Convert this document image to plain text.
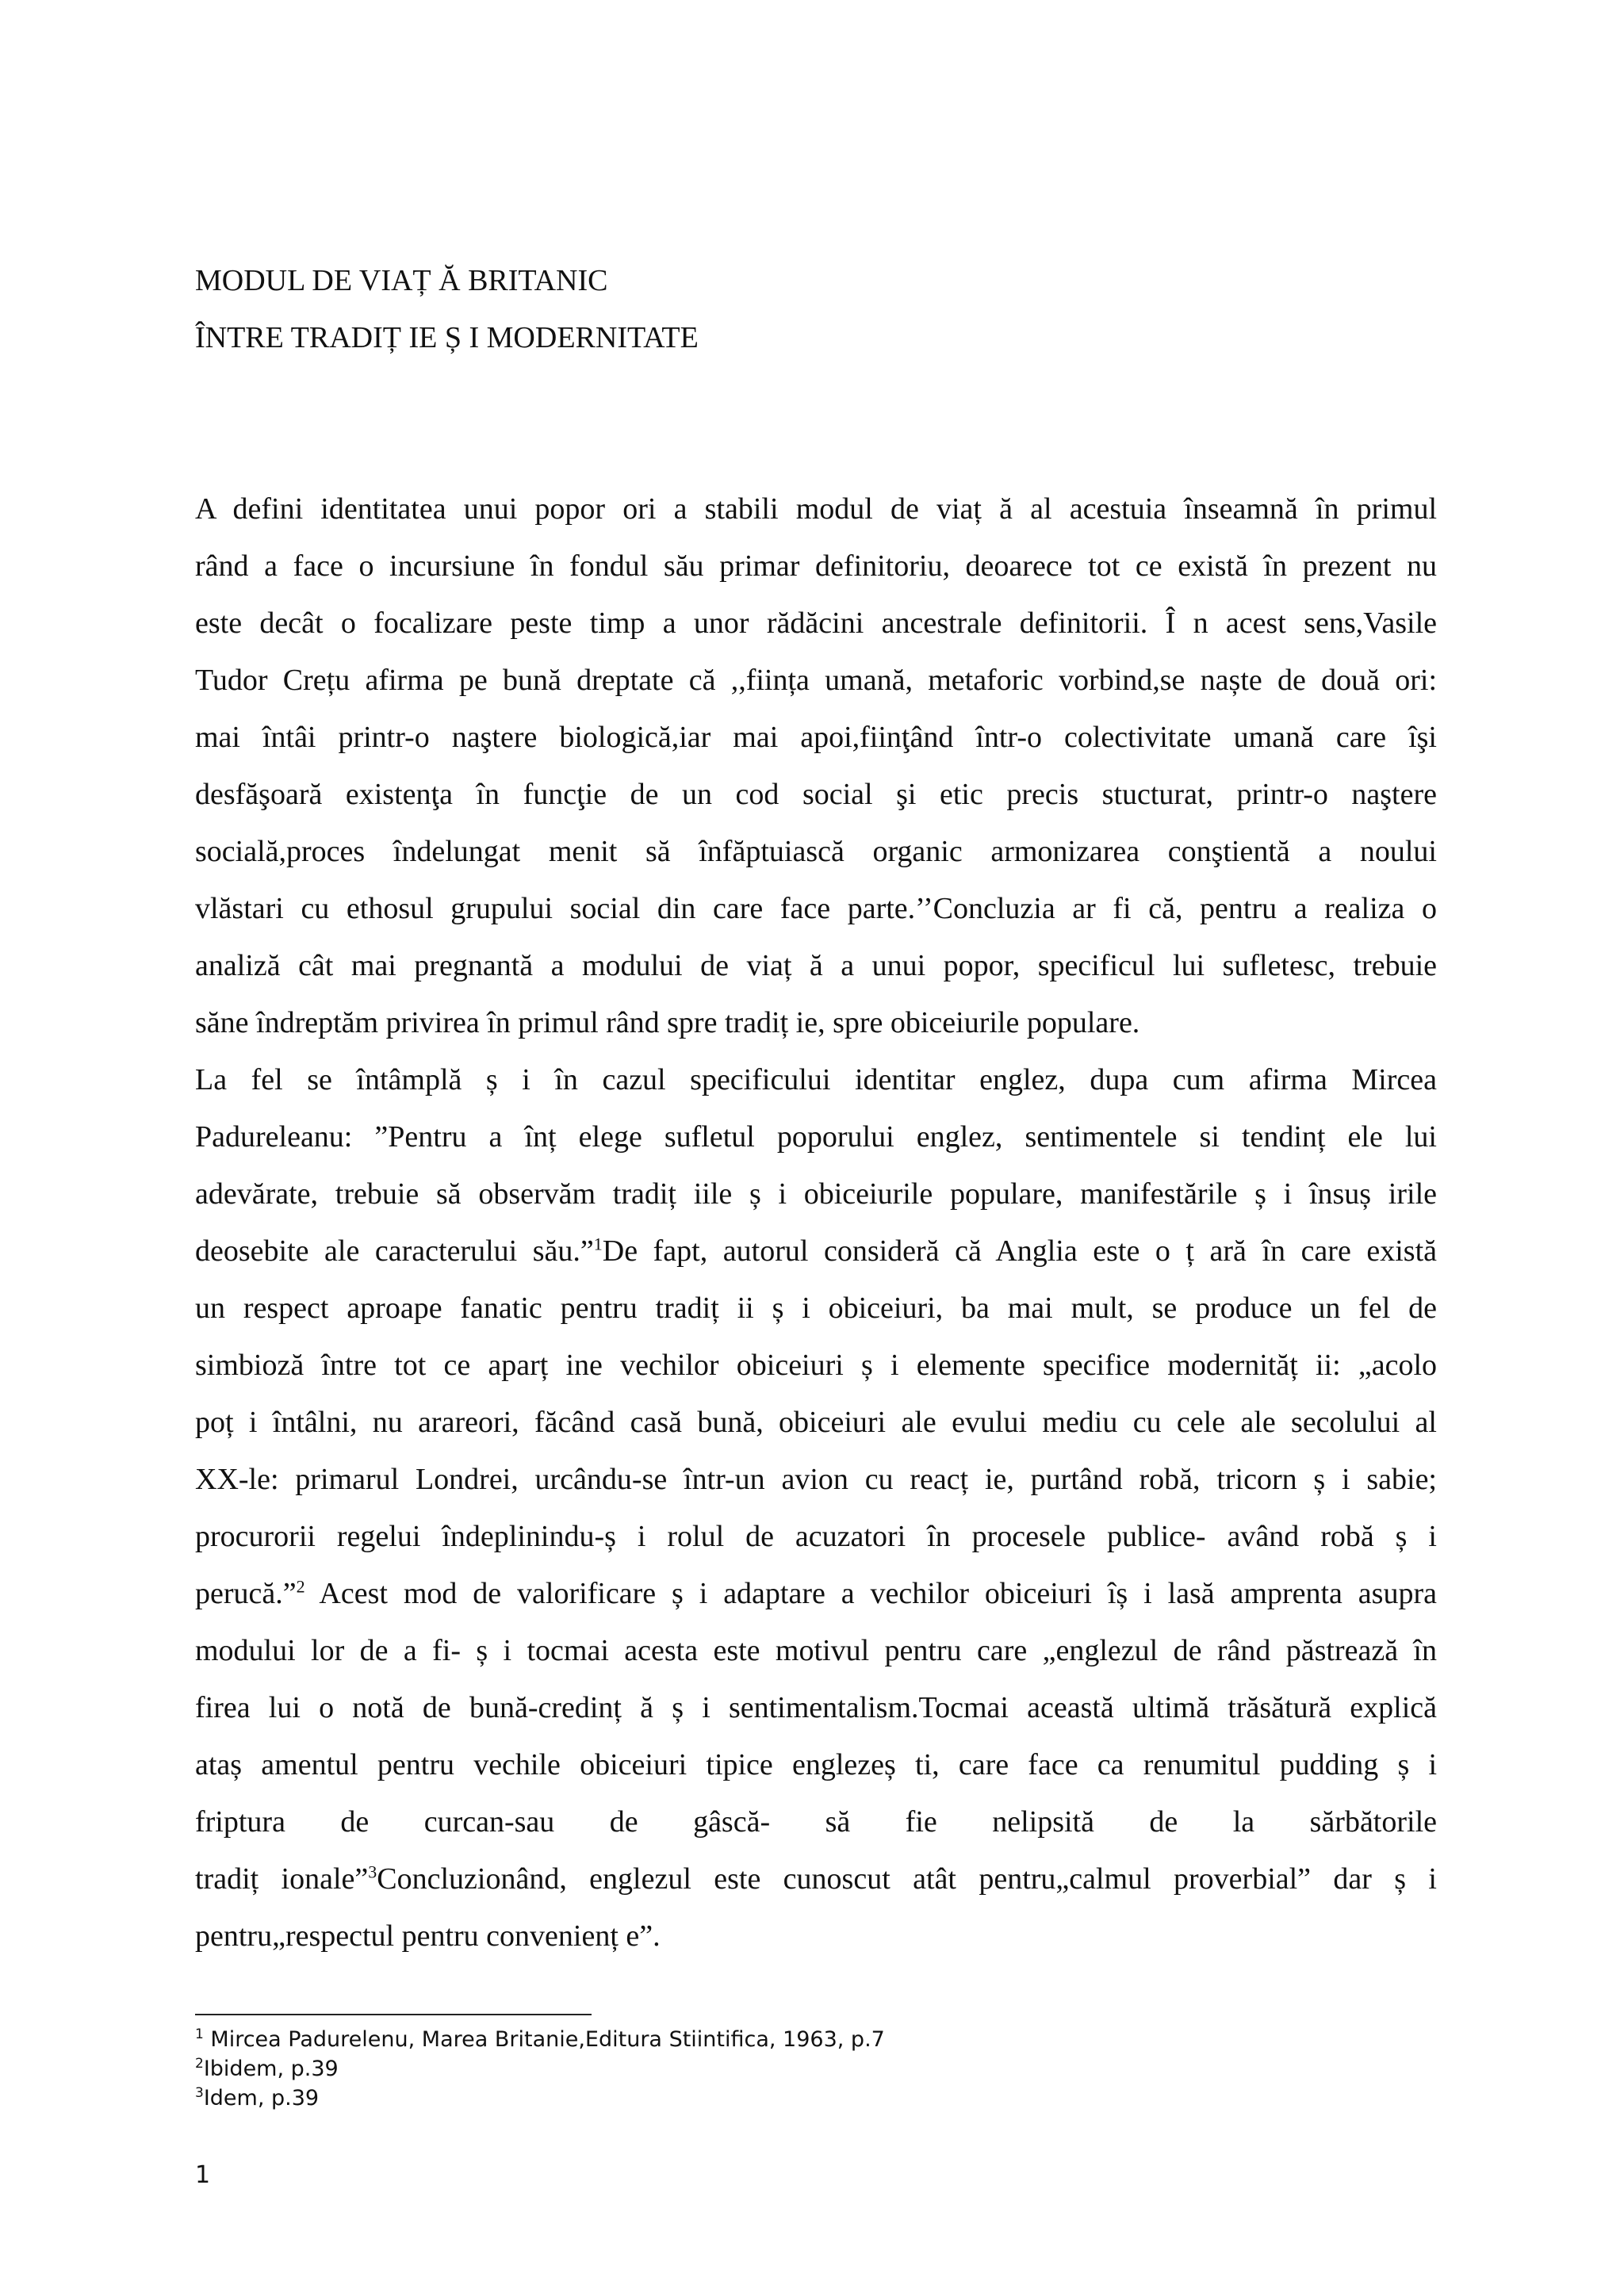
MODUL DE VIAȚ Ă BRITANIC
ÎNTRE TRADIȚ IE Ș I MODERNITATE
A defini identitatea unui popor ori a stabili modul de viaț ă al acestuia înseamnă în primul
rând a face o incursiune în fondul său primar definitoriu, deoarece tot ce există în prezent nu
este decât o focalizare peste timp a unor rădăcini ancestrale definitorii. Î n acest sens,Vasile
Tudor Crețu afirma pe bună dreptate că ,,ființa umană, metaforic vorbind,se naște de două ori:
mai întâi printr-o naştere biologică,iar mai apoi,fiinţând într-o colectivitate umană care îşi
desfăşoară existenţa în funcţie de un cod social şi etic precis stucturat, printr-o naştere
socială,proces îndelungat menit să înfăptuiască organic armonizarea conştientă a noului
vlăstari cu ethosul grupului social din care face parte.’’Concluzia ar fi că, pentru a realiza o
analiză cât mai pregnantă a modului de viaț ă a unui popor, specificul lui sufletesc, trebuie
săne îndreptăm privirea în primul rând spre tradiț ie, spre obiceiurile populare.
La fel se întâmplă ș i în cazul specificului identitar englez, dupa cum afirma Mircea
Padureleanu: ”Pentru a înț elege sufletul poporului englez, sentimentele si tendinț ele lui
adevărate, trebuie să observăm tradiț iile ș i obiceiurile populare, manifestările ș i însuș irile
deosebite ale caracterului său.”$^1$De fapt, autorul consideră că Anglia este o ț ară în care există
un respect aproape fanatic pentru tradiț ii ș i obiceiuri, ba mai mult, se produce un fel de
simbioză între tot ce aparț ine vechilor obiceiuri ș i elemente specifice modernităț ii: „acolo
poț i întâlni, nu arareori, făcând casă bună, obiceiuri ale evului mediu cu cele ale secolului al
XX-le: primarul Londrei, urcându-se într-un avion cu reacț ie, purtând robă, tricorn ș i sabie;
procurorii regelui îndeplinindu-ș i rolul de acuzatori în procesele publice- având robă ș i
perucă.”$^2$ Acest mod de valorificare ș i adaptare a vechilor obiceiuri îș i lasă amprenta asupra
modului lor de a fi- ș i tocmai acesta este motivul pentru care „englezul de rând păstrează în
firea lui o notă de bună-credinț ă ș i sentimentalism.Tocmai această ultimă trăsătură explică
ataș amentul pentru vechile obiceiuri tipice englezeș ti, care face ca renumitul pudding ș i
friptura de curcan-sau de gâscă- să fie nelipsită de la sărbătorile
tradiț ionale”$^3$Concluzionând, englezul este cunoscut atât pentru„calmul proverbial” dar ș i
pentru„respectul pentru convenienț e”.
$^1$ Mircea Padurelenu, Marea Britanie,Editura Stiintifica, 1963, p.7
$^2$Ibidem, p.39
$^3$Idem, p.39
1
